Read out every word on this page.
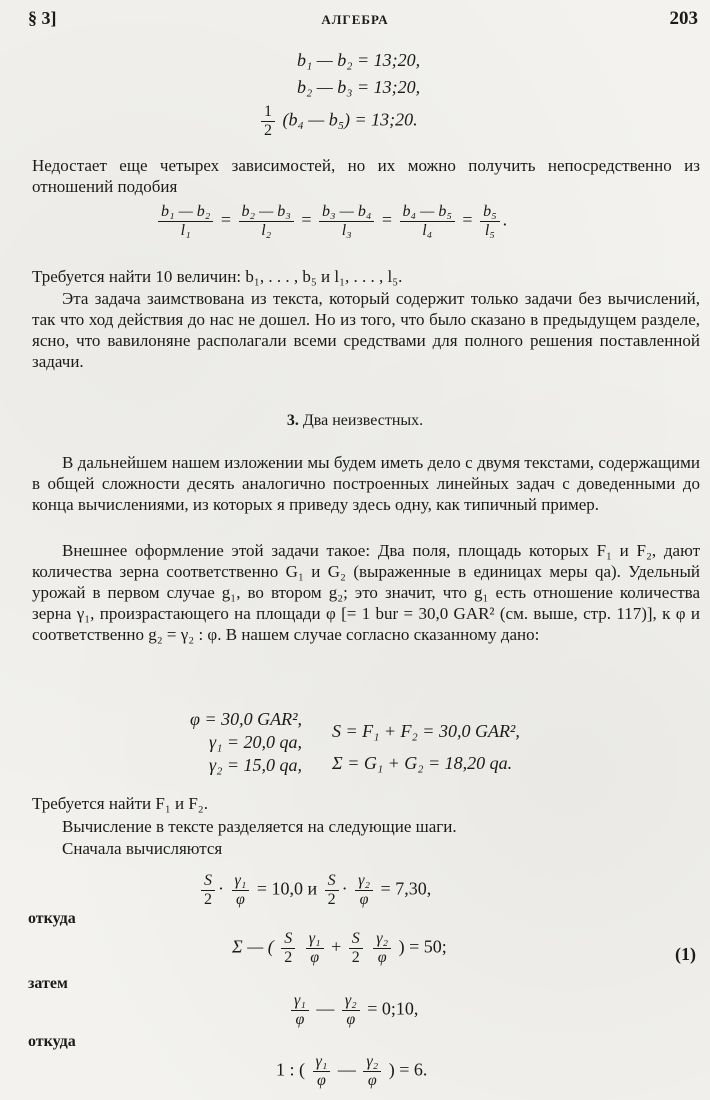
§ 3]	АЛГЕБРА	203
b₁ — b₂ = 13;20,
b₂ — b₃ = 13;20,
$\frac{1}{2} (b_4$ — b₅) = 13;20.

Недостает еще четырех зависимостей, но их можно получить непосредственно из отношений подобия

$\frac{\text{b₁ — b₂}}{\text{l₁}} = \frac{\text{b₂ — b₃}}{\text{l₂}} = \frac{\text{b₃ — b₄}}{\text{l₃}} = \frac{\text{b₄ — b₅}}{\text{l₄}} = \frac{\text{b₅}}{\text{l₅}}$ .

Требуется найти 10 величин: b₁, . . . , b₅ и l₁, . . . , l₅.

Эта задача заимствована из текста, который содержит только задачи без вычислений, так что ход действия до нас не дошел. Но из того, что было сказано в предыдущем разделе, ясно, что вавилоняне располагали всеми средствами для полного решения поставленной задачи.

3. Два неизвестных.

В дальнейшем нашем изложении мы будем иметь дело с двумя текстами, содержащими в общей сложности десять аналогично построенных линейных задач с доведенными до конца вычислениями, из которых я приведу здесь одну, как типичный пример.

Внешнее оформление этой задачи такое: Два поля, площадь которых F₁ и F₂, дают количества зерна соответственно G₁ и G₂ (выраженные в единицах меры qa). Удельный урожай в первом случае g₁, во втором g₂; это значит, что g₁ есть отношение количества зерна γ₁, произрастающего на площади φ [= 1 bur = 30,0 GAR² (см. выше, стр. 117)], к φ и соответственно g₂ = γ₂ : φ. В нашем случае согласно сказанному дано:

φ = 30,0 GAR²,
γ₁ = 20,0 qa,
γ₂ = 15,0 qa,
S = F₁ + F₂ = 30,0 GAR²,
Σ = G₁ + G₂ = 18,20 qa.

Требуется найти F₁ и F₂.

Вычисление в тексте разделяется на следующие шаги.

Сначала вычисляются

$\frac{S}{2} \cdot \frac{\text{γ₁}}{\varphi} = 10,0$ и $\frac{S}{2} \cdot \frac{\text{γ₂}}{\varphi} = 7,30$,
откуда
Σ — ( $\frac{S}{2}$
$\frac{\text{γ₁}}{\varphi} + \frac{S}{2}$
$\frac{\text{γ₂}}{\varphi}$ ) = 50;	(1)
затем
$\frac{\text{γ₁}}{\varphi}$ — $\frac{\text{γ₂}}{\varphi}$ = 0;10,
откуда
1 : ( $\frac{\text{γ₁}}{\varphi}$ — $\frac{\text{γ₂}}{\varphi}$ ) = 6.
